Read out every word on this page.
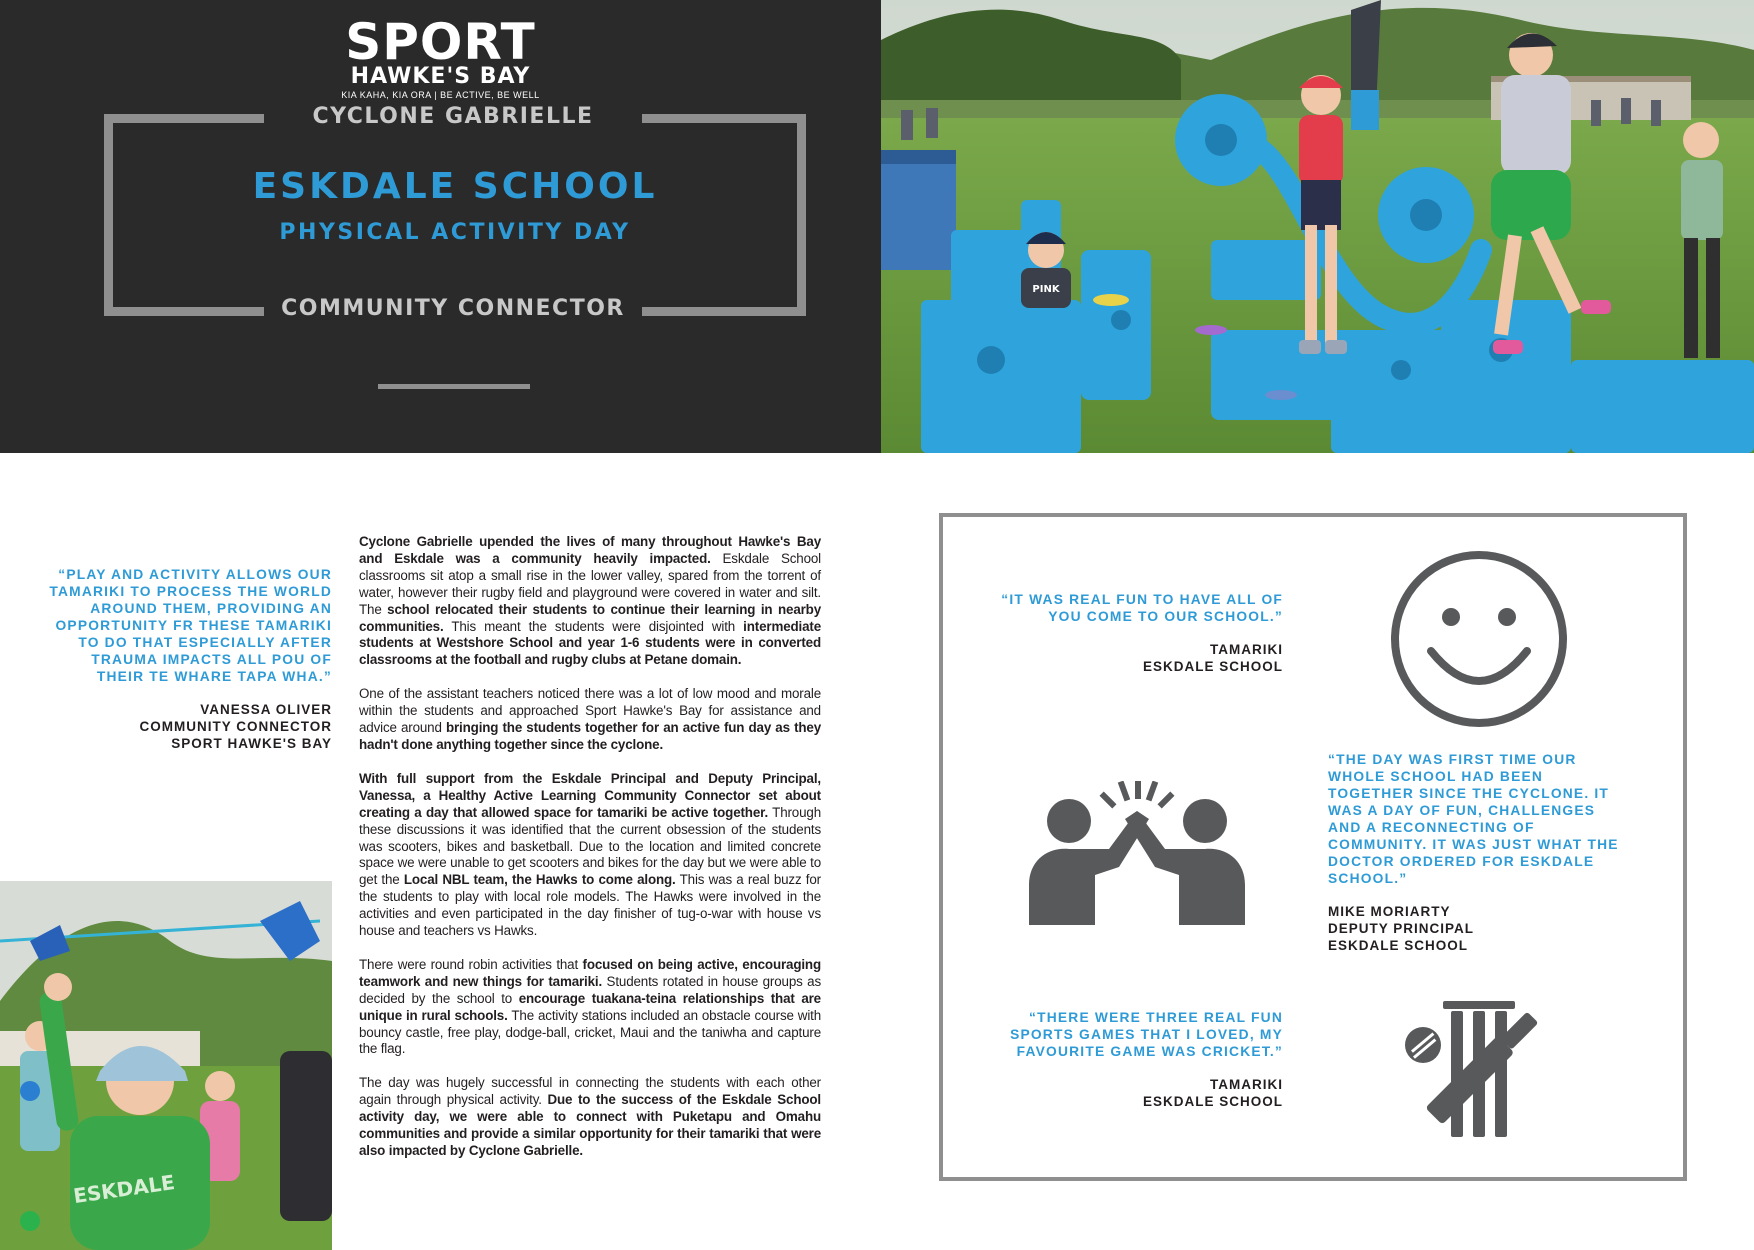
SPORT
HAWKE'S BAY
KIA KAHA, KIA ORA | BE ACTIVE, BE WELL
CYCLONE GABRIELLE
ESKDALE SCHOOL
PHYSICAL ACTIVITY DAY
COMMUNITY CONNECTOR
PINK
“PLAY AND ACTIVITY ALLOWS OUR TAMARIKI TO PROCESS THE WORLD AROUND THEM, PROVIDING AN OPPORTUNITY FR THESE TAMARIKI TO DO THAT ESPECIALLY AFTER TRAUMA IMPACTS ALL POU OF THEIR TE WHARE TAPA WHA.”
VANESSA OLIVER
COMMUNITY CONNECTOR
SPORT HAWKE'S BAY
ESKDALE

Cyclone Gabrielle upended the lives of many throughout Hawke's Bay and Eskdale was a community heavily impacted. Eskdale School classrooms sit atop a small rise in the lower valley, spared from the torrent of water, however their rugby field and playground were covered in water and silt. The school relocated their students to continue their learning in nearby communities. This meant the students were disjointed with intermediate students at Westshore School and year 1-6 students were in converted classrooms at the football and rugby clubs at Petane domain.

One of the assistant teachers noticed there was a lot of low mood and morale within the students and approached Sport Hawke's Bay for assistance and advice around bringing the students together for an active fun day as they hadn't done anything together since the cyclone.

With full support from the Eskdale Principal and Deputy Principal, Vanessa, a Healthy Active Learning Community Connector set about creating a day that allowed space for tamariki be active together. Through these discussions it was identified that the current obsession of the students was scooters, bikes and basketball. Due to the location and limited concrete space we were unable to get scooters and bikes for the day but we were able to get the Local NBL team, the Hawks to come along. This was a real buzz for the students to play with local role models. The Hawks were involved in the activities and even participated in the day finisher of tug-o-war with house vs house and teachers vs Hawks.

There were round robin activities that focused on being active, encouraging teamwork and new things for tamariki. Students rotated in house groups as decided by the school to encourage tuakana-teina relationships that are unique in rural schools. The activity stations included an obstacle course with bouncy castle, free play, dodge-ball, cricket, Maui and the taniwha and capture the flag.

The day was hugely successful in connecting the students with each other again through physical activity. Due to the success of the Eskdale School activity day, we were able to connect with Puketapu and Omahu communities and provide a similar opportunity for their tamariki that were also impacted by Cyclone Gabrielle.

“IT WAS REAL FUN TO HAVE ALL OF YOU COME TO OUR SCHOOL.”
TAMARIKI
ESKDALE SCHOOL
“THE DAY WAS FIRST TIME OUR WHOLE SCHOOL HAD BEEN TOGETHER SINCE THE CYCLONE. IT WAS A DAY OF FUN, CHALLENGES AND A RECONNECTING OF COMMUNITY. IT WAS JUST WHAT THE DOCTOR ORDERED FOR ESKDALE SCHOOL.”
MIKE MORIARTY
DEPUTY PRINCIPAL
ESKDALE SCHOOL
“THERE WERE THREE REAL FUN SPORTS GAMES THAT I LOVED, MY FAVOURITE GAME WAS CRICKET.”
TAMARIKI
ESKDALE SCHOOL
